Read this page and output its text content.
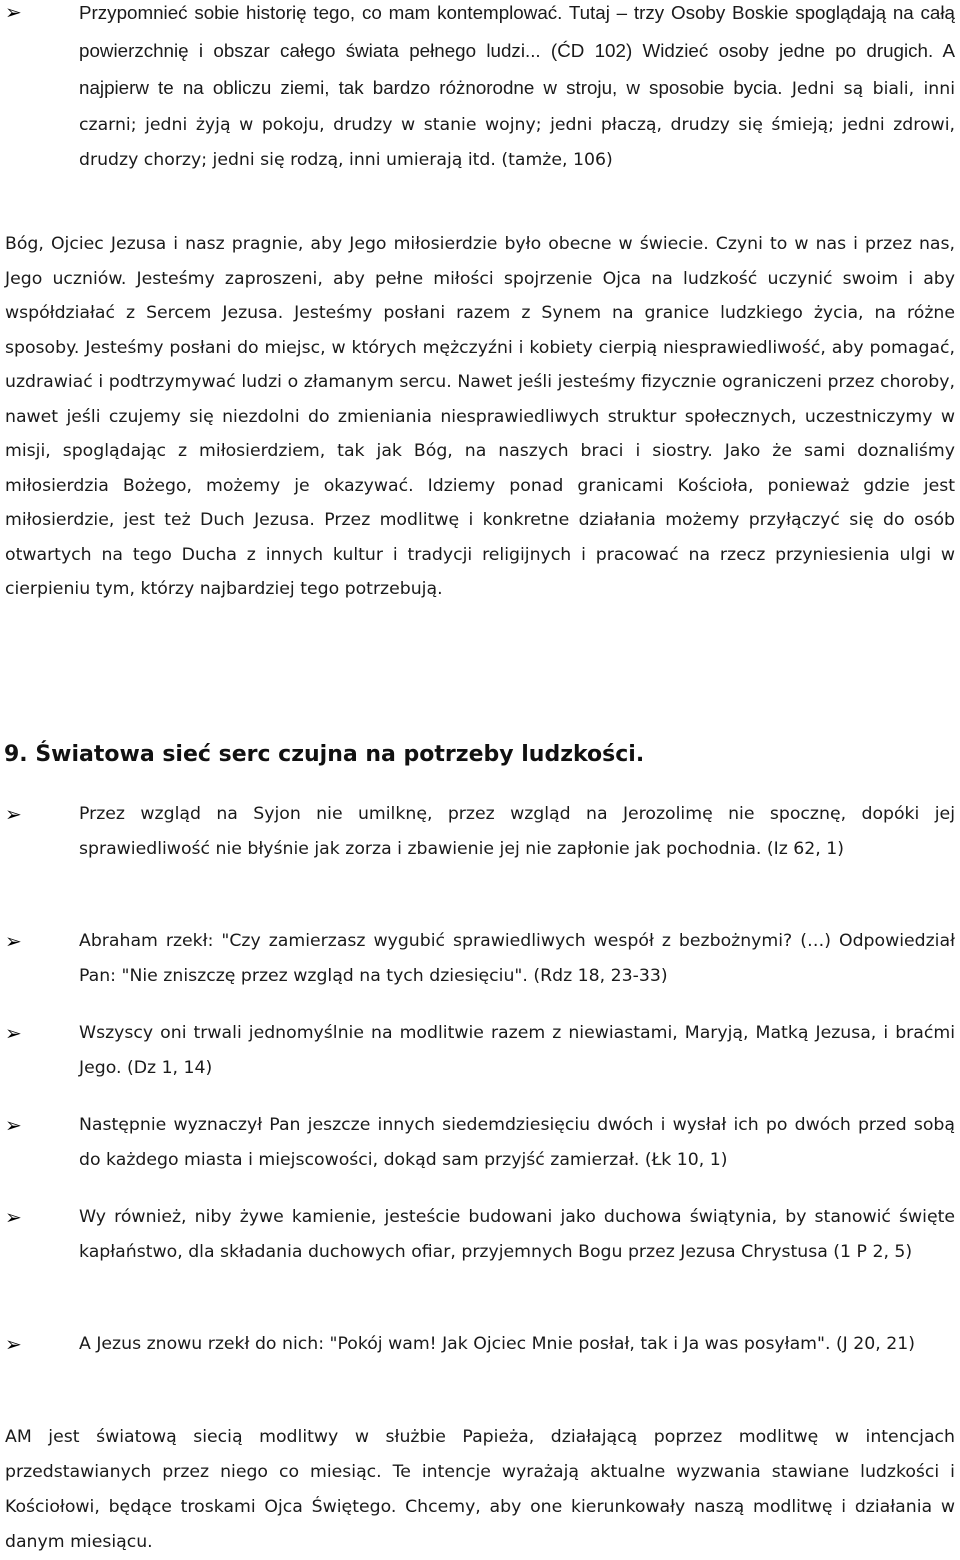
➢	Przypomnieć sobie historię tego, co mam kontemplować. Tutaj – trzy Osoby Boskie spoglądają na całą powierzchnię i obszar całego świata pełnego ludzi... (ĆD 102) Widzieć osoby jedne po drugich. A najpierw te na obliczu ziemi, tak bardzo różnorodne w stroju, w sposobie bycia. Jedni są biali, inni czarni; jedni żyją w pokoju, drudzy w stanie wojny; jedni płaczą, drudzy się śmieją; jedni zdrowi, drudzy chorzy; jedni się rodzą, inni umierają itd. (tamże, 106)
Bóg, Ojciec Jezusa i nasz pragnie, aby Jego miłosierdzie było obecne w świecie. Czyni to w nas i przez nas, Jego uczniów. Jesteśmy zaproszeni, aby pełne miłości spojrzenie Ojca na ludzkość uczynić swoim i aby współdziałać z Sercem Jezusa. Jesteśmy posłani razem z Synem na granice ludzkiego życia, na różne sposoby. Jesteśmy posłani do miejsc, w których mężczyźni i kobiety cierpią niesprawiedliwość, aby pomagać, uzdrawiać i podtrzymywać ludzi o złamanym sercu. Nawet jeśli jesteśmy fizycznie ograniczeni przez choroby, nawet jeśli czujemy się niezdolni do zmieniania niesprawiedliwych struktur społecznych, uczestniczymy w misji, spoglądając z miłosierdziem, tak jak Bóg, na naszych braci i siostry. Jako że sami doznaliśmy miłosierdzia Bożego, możemy je okazywać. Idziemy ponad granicami Kościoła, ponieważ gdzie jest miłosierdzie, jest też Duch Jezusa. Przez modlitwę i konkretne działania możemy przyłączyć się do osób otwartych na tego Ducha z innych kultur i tradycji religijnych i pracować na rzecz przyniesienia ulgi w cierpieniu tym, którzy najbardziej tego potrzebują.
9. Światowa sieć serc czujna na potrzeby ludzkości.
➢	Przez wzgląd na Syjon nie umilknę, przez wzgląd na Jerozolimę nie spocznę, dopóki jej sprawiedliwość nie błyśnie jak zorza i zbawienie jej nie zapłonie jak pochodnia. (Iz 62, 1)
➢	Abraham rzekł: "Czy zamierzasz wygubić sprawiedliwych wespół z bezbożnymi? (…) Odpowiedział Pan: "Nie zniszczę przez wzgląd na tych dziesięciu". (Rdz 18, 23-33)
➢	Wszyscy oni trwali jednomyślnie na modlitwie razem z niewiastami, Maryją, Matką Jezusa, i braćmi Jego. (Dz 1, 14)
➢	Następnie wyznaczył Pan jeszcze innych siedemdziesięciu dwóch i wysłał ich po dwóch przed sobą do każdego miasta i miejscowości, dokąd sam przyjść zamierzał. (Łk 10, 1)
➢	Wy również, niby żywe kamienie, jesteście budowani jako duchowa świątynia, by stanowić święte kapłaństwo, dla składania duchowych ofiar, przyjemnych Bogu przez Jezusa Chrystusa (1 P 2, 5)
➢	A Jezus znowu rzekł do nich: "Pokój wam! Jak Ojciec Mnie posłał, tak i Ja was posyłam". (J 20, 21)
AM jest światową siecią modlitwy w służbie Papieża, działającą poprzez modlitwę w intencjach przedstawianych przez niego co miesiąc. Te intencje wyrażają aktualne wyzwania stawiane ludzkości i Kościołowi, będące troskami Ojca Świętego. Chcemy, aby one kierunkowały naszą modlitwę i działania w danym miesiącu.
